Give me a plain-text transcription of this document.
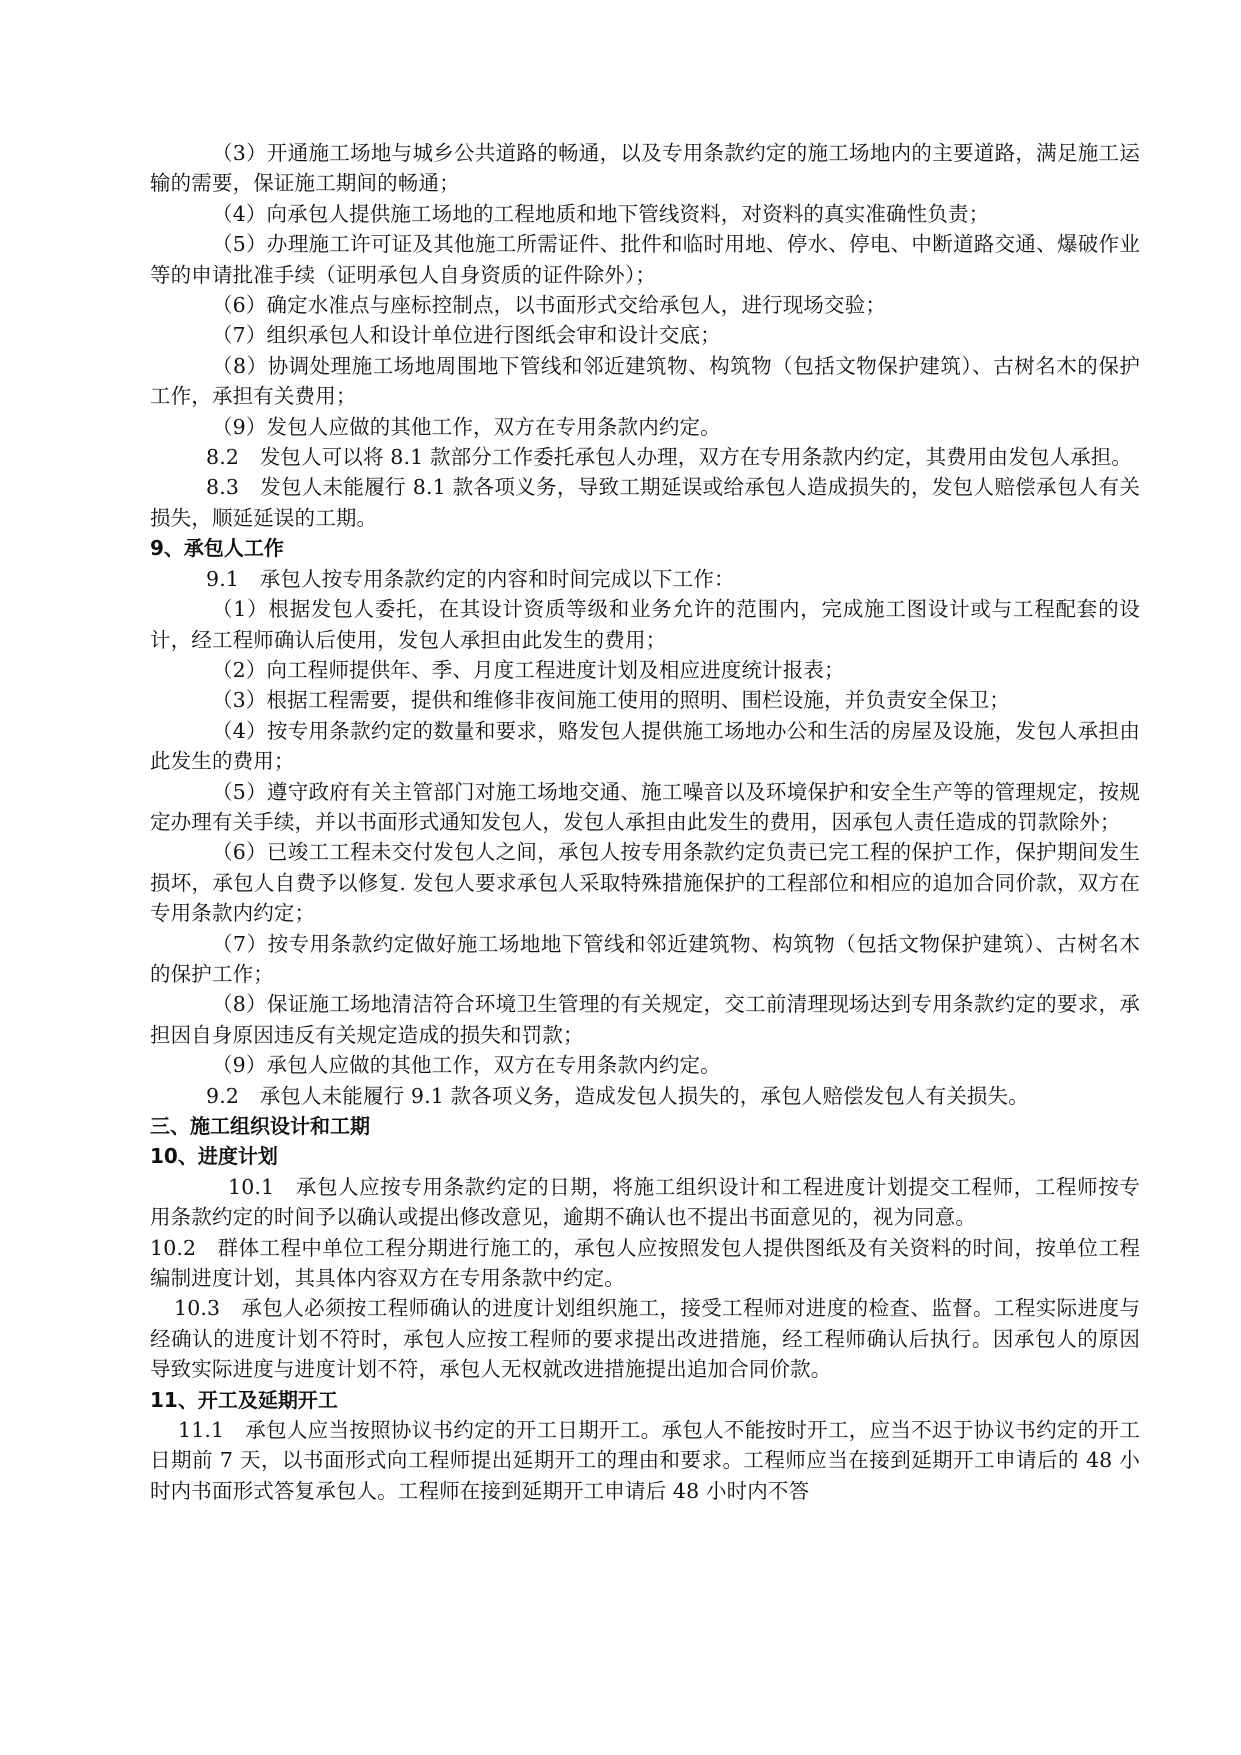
（3）开通施工场地与城乡公共道路的畅通，以及专用条款约定的施工场地内的主要道路，满足施工运输的需要，保证施工期间的畅通；

（4）向承包人提供施工场地的工程地质和地下管线资料，对资料的真实准确性负责；

（5）办理施工许可证及其他施工所需证件、批件和临时用地、停水、停电、中断道路交通、爆破作业等的申请批准手续（证明承包人自身资质的证件除外）；

（6）确定水准点与座标控制点，以书面形式交给承包人，进行现场交验；

（7）组织承包人和设计单位进行图纸会审和设计交底；

（8）协调处理施工场地周围地下管线和邻近建筑物、构筑物（包括文物保护建筑）、古树名木的保护工作，承担有关费用；

（9）发包人应做的其他工作，双方在专用条款内约定。

8.2　发包人可以将 8.1 款部分工作委托承包人办理，双方在专用条款内约定，其费用由发包人承担。

8.3　发包人未能履行 8.1 款各项义务，导致工期延误或给承包人造成损失的，发包人赔偿承包人有关损失，顺延延误的工期。

9、承包人工作

9.1　承包人按专用条款约定的内容和时间完成以下工作：

（1）根据发包人委托，在其设计资质等级和业务允许的范围内，完成施工图设计或与工程配套的设计，经工程师确认后使用，发包人承担由此发生的费用；

（2）向工程师提供年、季、月度工程进度计划及相应进度统计报表；

（3）根据工程需要，提供和维修非夜间施工使用的照明、围栏设施，并负责安全保卫；

（4）按专用条款约定的数量和要求，赂发包人提供施工场地办公和生活的房屋及设施，发包人承担由此发生的费用；

（5）遵守政府有关主管部门对施工场地交通、施工噪音以及环境保护和安全生产等的管理规定，按规定办理有关手续，并以书面形式通知发包人，发包人承担由此发生的费用，因承包人责任造成的罚款除外；

（6）已竣工工程未交付发包人之间，承包人按专用条款约定负责已完工程的保护工作，保护期间发生损坏，承包人自费予以修复. 发包人要求承包人采取特殊措施保护的工程部位和相应的追加合同价款，双方在专用条款内约定；

（7）按专用条款约定做好施工场地地下管线和邻近建筑物、构筑物（包括文物保护建筑）、古树名木的保护工作；

（8）保证施工场地清洁符合环境卫生管理的有关规定，交工前清理现场达到专用条款约定的要求，承担因自身原因违反有关规定造成的损失和罚款；

（9）承包人应做的其他工作，双方在专用条款内约定。

9.2　承包人未能履行 9.1 款各项义务，造成发包人损失的，承包人赔偿发包人有关损失。

三、施工组织设计和工期
10、进度计划

10.1　承包人应按专用条款约定的日期，将施工组织设计和工程进度计划提交工程师，工程师按专用条款约定的时间予以确认或提出修改意见，逾期不确认也不提出书面意见的，视为同意。

10.2　群体工程中单位工程分期进行施工的，承包人应按照发包人提供图纸及有关资料的时间，按单位工程编制进度计划，其具体内容双方在专用条款中约定。

10.3　承包人必须按工程师确认的进度计划组织施工，接受工程师对进度的检查、监督。工程实际进度与经确认的进度计划不符时，承包人应按工程师的要求提出改进措施，经工程师确认后执行。因承包人的原因导致实际进度与进度计划不符，承包人无权就改进措施提出追加合同价款。

11、开工及延期开工

11.1　承包人应当按照协议书约定的开工日期开工。承包人不能按时开工，应当不迟于协议书约定的开工日期前 7 天，以书面形式向工程师提出延期开工的理由和要求。工程师应当在接到延期开工申请后的 48 小时内书面形式答复承包人。工程师在接到延期开工申请后 48 小时内不答
